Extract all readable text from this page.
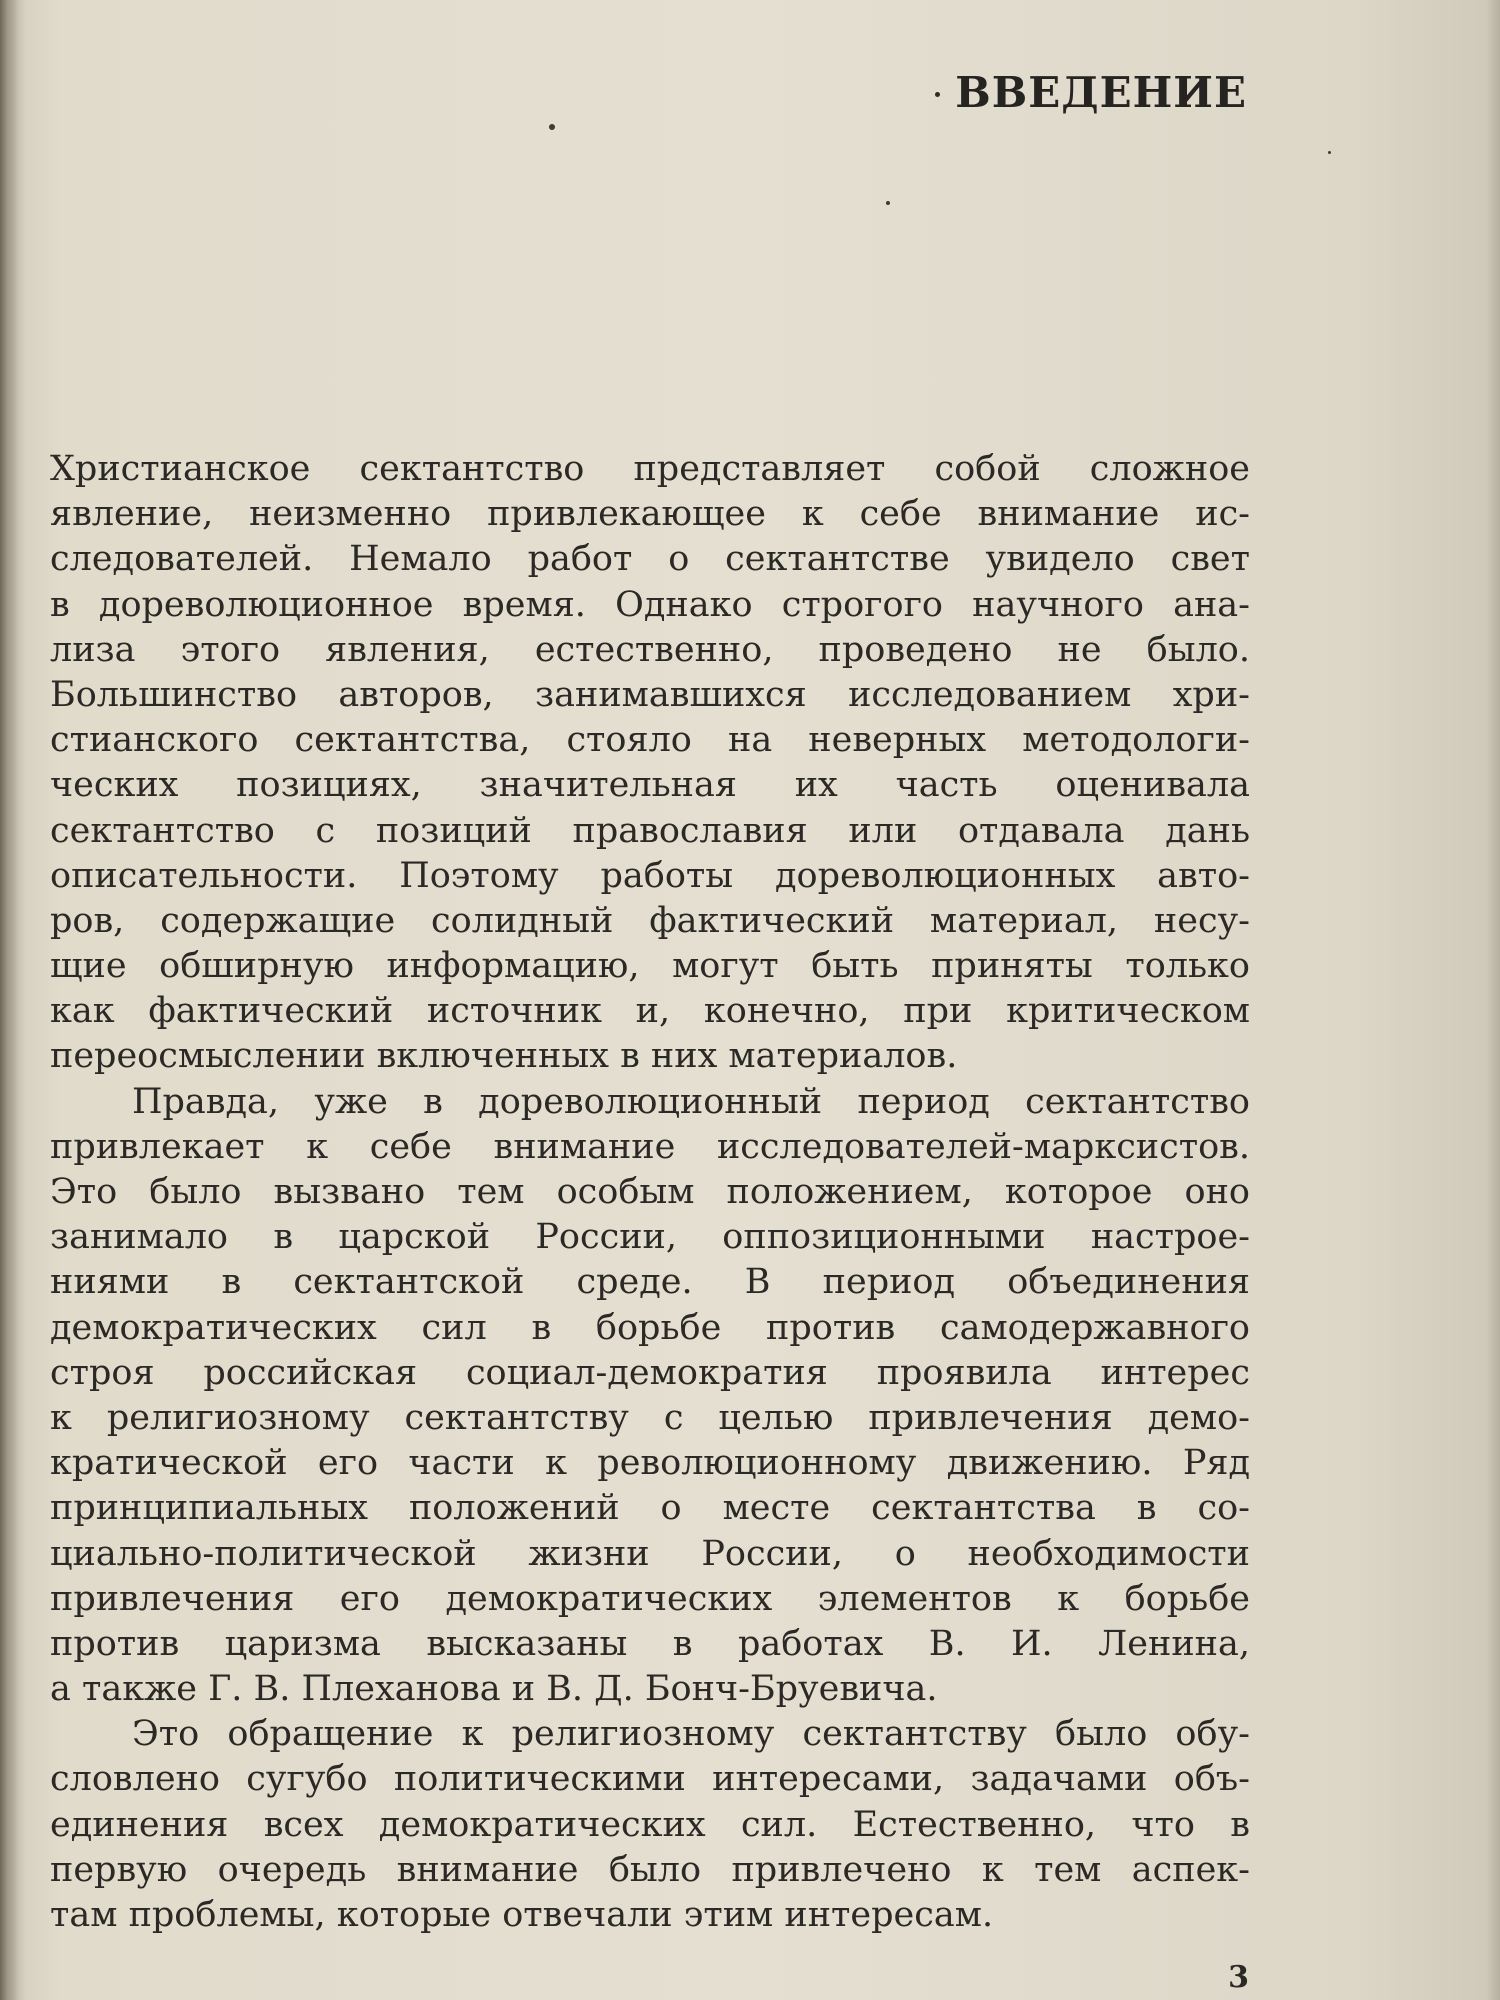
ВВЕДЕНИЕ
Христианское сектантство представляет собой сложное
явление, неизменно привлекающее к себе внимание ис-
следователей. Немало работ о сектантстве увидело свет
в дореволюционное время. Однако строгого научного ана-
лиза этого явления, естественно, проведено не было.
Большинство авторов, занимавшихся исследованием хри-
стианского сектантства, стояло на неверных методологи-
ческих позициях, значительная их часть оценивала
сектантство с позиций православия или отдавала дань
описательности. Поэтому работы дореволюционных авто-
ров, содержащие солидный фактический материал, несу-
щие обширную информацию, могут быть приняты только
как фактический источник и, конечно, при критическом
переосмыслении включенных в них материалов.
Правда, уже в дореволюционный период сектантство
привлекает к себе внимание исследователей-марксистов.
Это было вызвано тем особым положением, которое оно
занимало в царской России, оппозиционными настрое-
ниями в сектантской среде. В период объединения
демократических сил в борьбе против самодержавного
строя российская социал-демократия проявила интерес
к религиозному сектантству с целью привлечения демо-
кратической его части к революционному движению. Ряд
принципиальных положений о месте сектантства в со-
циально-политической жизни России, о необходимости
привлечения его демократических элементов к борьбе
против царизма высказаны в работах В. И. Ленина,
а также Г. В. Плеханова и В. Д. Бонч-Бруевича.
Это обращение к религиозному сектантству было обу-
словлено сугубо политическими интересами, задачами объ-
единения всех демократических сил. Естественно, что в
первую очередь внимание было привлечено к тем аспек-
там проблемы, которые отвечали этим интересам.
3
